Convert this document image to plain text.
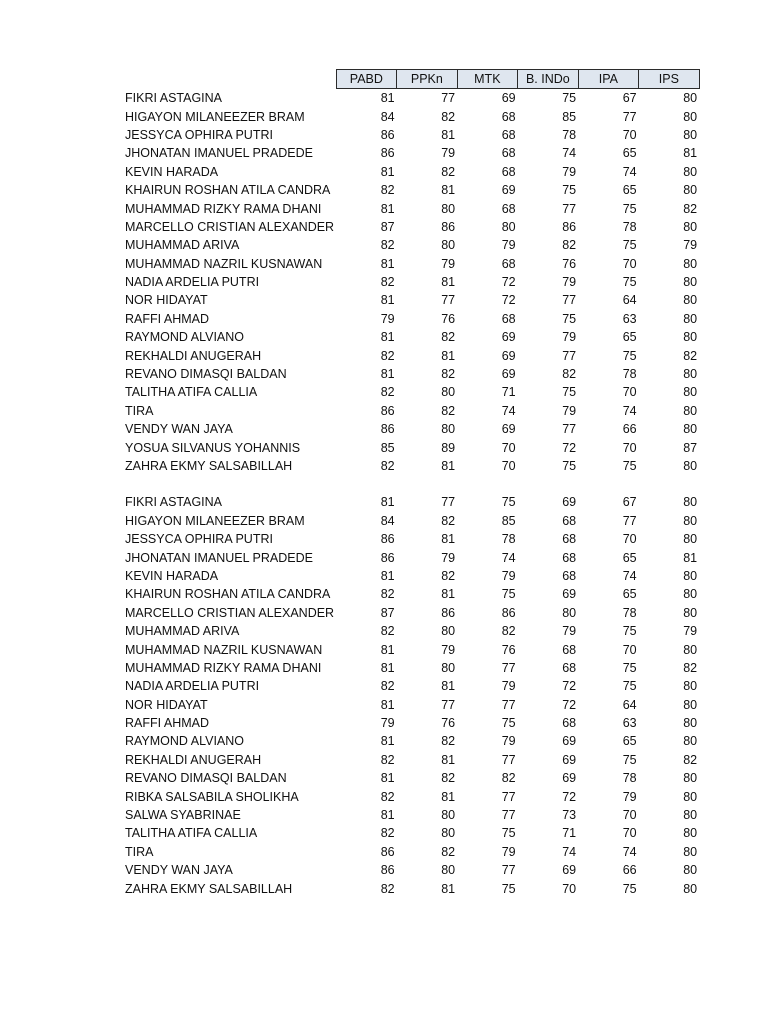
	PABD	PPKn	MTK	B. INDo	IPA	IPS
FIKRI ASTAGINA	81	77	69	75	67	80
HIGAYON MILANEEZER BRAM	84	82	68	85	77	80
JESSYCA OPHIRA PUTRI	86	81	68	78	70	80
JHONATAN IMANUEL PRADEDE	86	79	68	74	65	81
KEVIN HARADA	81	82	68	79	74	80
KHAIRUN ROSHAN ATILA CANDRA	82	81	69	75	65	80
MUHAMMAD RIZKY RAMA DHANI	81	80	68	77	75	82
MARCELLO CRISTIAN ALEXANDER	87	86	80	86	78	80
MUHAMMAD ARIVA	82	80	79	82	75	79
MUHAMMAD NAZRIL KUSNAWAN	81	79	68	76	70	80
NADIA ARDELIA PUTRI	82	81	72	79	75	80
NOR HIDAYAT	81	77	72	77	64	80
RAFFI AHMAD	79	76	68	75	63	80
RAYMOND ALVIANO	81	82	69	79	65	80
REKHALDI ANUGERAH	82	81	69	77	75	82
REVANO DIMASQI BALDAN	81	82	69	82	78	80
TALITHA ATIFA CALLIA	82	80	71	75	70	80
TIRA	86	82	74	79	74	80
VENDY WAN JAYA	86	80	69	77	66	80
YOSUA SILVANUS YOHANNIS	85	89	70	72	70	87
ZAHRA EKMY SALSABILLAH	82	81	70	75	75	80

FIKRI ASTAGINA	81	77	75	69	67	80
HIGAYON MILANEEZER BRAM	84	82	85	68	77	80
JESSYCA OPHIRA PUTRI	86	81	78	68	70	80
JHONATAN IMANUEL PRADEDE	86	79	74	68	65	81
KEVIN HARADA	81	82	79	68	74	80
KHAIRUN ROSHAN ATILA CANDRA	82	81	75	69	65	80
MARCELLO CRISTIAN ALEXANDER	87	86	86	80	78	80
MUHAMMAD ARIVA	82	80	82	79	75	79
MUHAMMAD NAZRIL KUSNAWAN	81	79	76	68	70	80
MUHAMMAD RIZKY RAMA DHANI	81	80	77	68	75	82
NADIA ARDELIA PUTRI	82	81	79	72	75	80
NOR HIDAYAT	81	77	77	72	64	80
RAFFI AHMAD	79	76	75	68	63	80
RAYMOND ALVIANO	81	82	79	69	65	80
REKHALDI ANUGERAH	82	81	77	69	75	82
REVANO DIMASQI BALDAN	81	82	82	69	78	80
RIBKA SALSABILA SHOLIKHA	82	81	77	72	79	80
SALWA SYABRINAE	81	80	77	73	70	80
TALITHA ATIFA CALLIA	82	80	75	71	70	80
TIRA	86	82	79	74	74	80
VENDY WAN JAYA	86	80	77	69	66	80
ZAHRA EKMY SALSABILLAH	82	81	75	70	75	80
